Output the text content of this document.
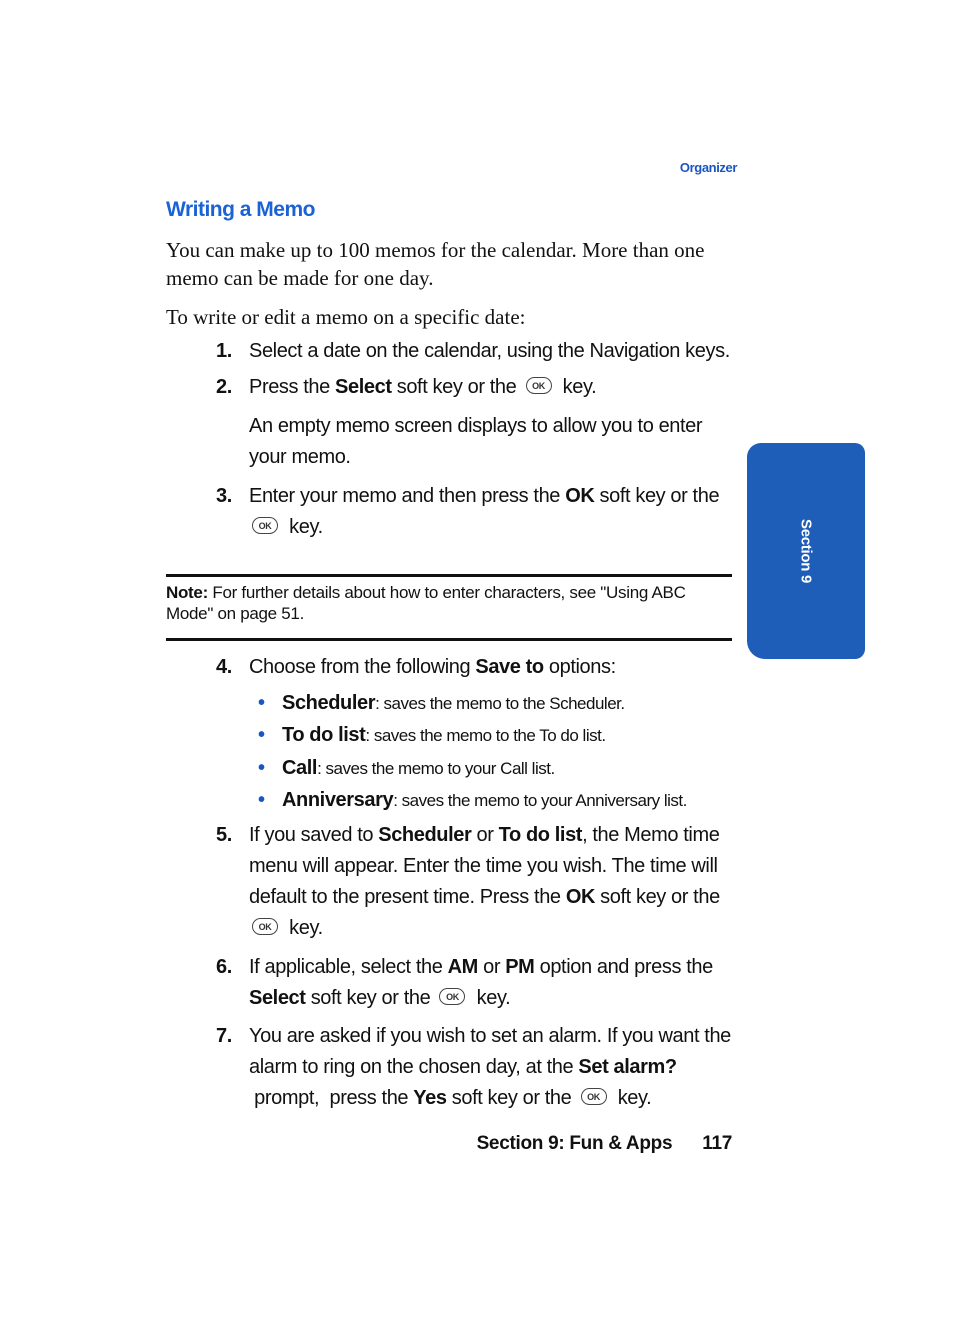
Organizer
Writing a Memo
You can make up to 100 memos for the calendar. More than one memo can be made for one day.
To write or edit a memo on a specific date:
1. Select a date on the calendar, using the Navigation keys.
2. Press the Select soft key or the OK key.
An empty memo screen displays to allow you to enter your memo.
3. Enter your memo and then press the OK soft key or the
OK key.
Note: For further details about how to enter characters, see "Using ABC Mode" on page 51.
4. Choose from the following Save to options:
• Scheduler: saves the memo to the Scheduler.
• To do list: saves the memo to the To do list.
• Call: saves the memo to your Call list.
• Anniversary: saves the memo to your Anniversary list.
5. If you saved to Scheduler or To do list, the Memo time menu will appear. Enter the time you wish. The time will default to the present time. Press the OK soft key or the
OK key.
6. If applicable, select the AM or PM option and press the Select soft key or the OK key.
7. You are asked if you wish to set an alarm. If you want the alarm to ring on the chosen day, at the Set alarm? prompt,  press the Yes soft key or the OK key.
Section 9
Section 9: Fun & Apps 117
